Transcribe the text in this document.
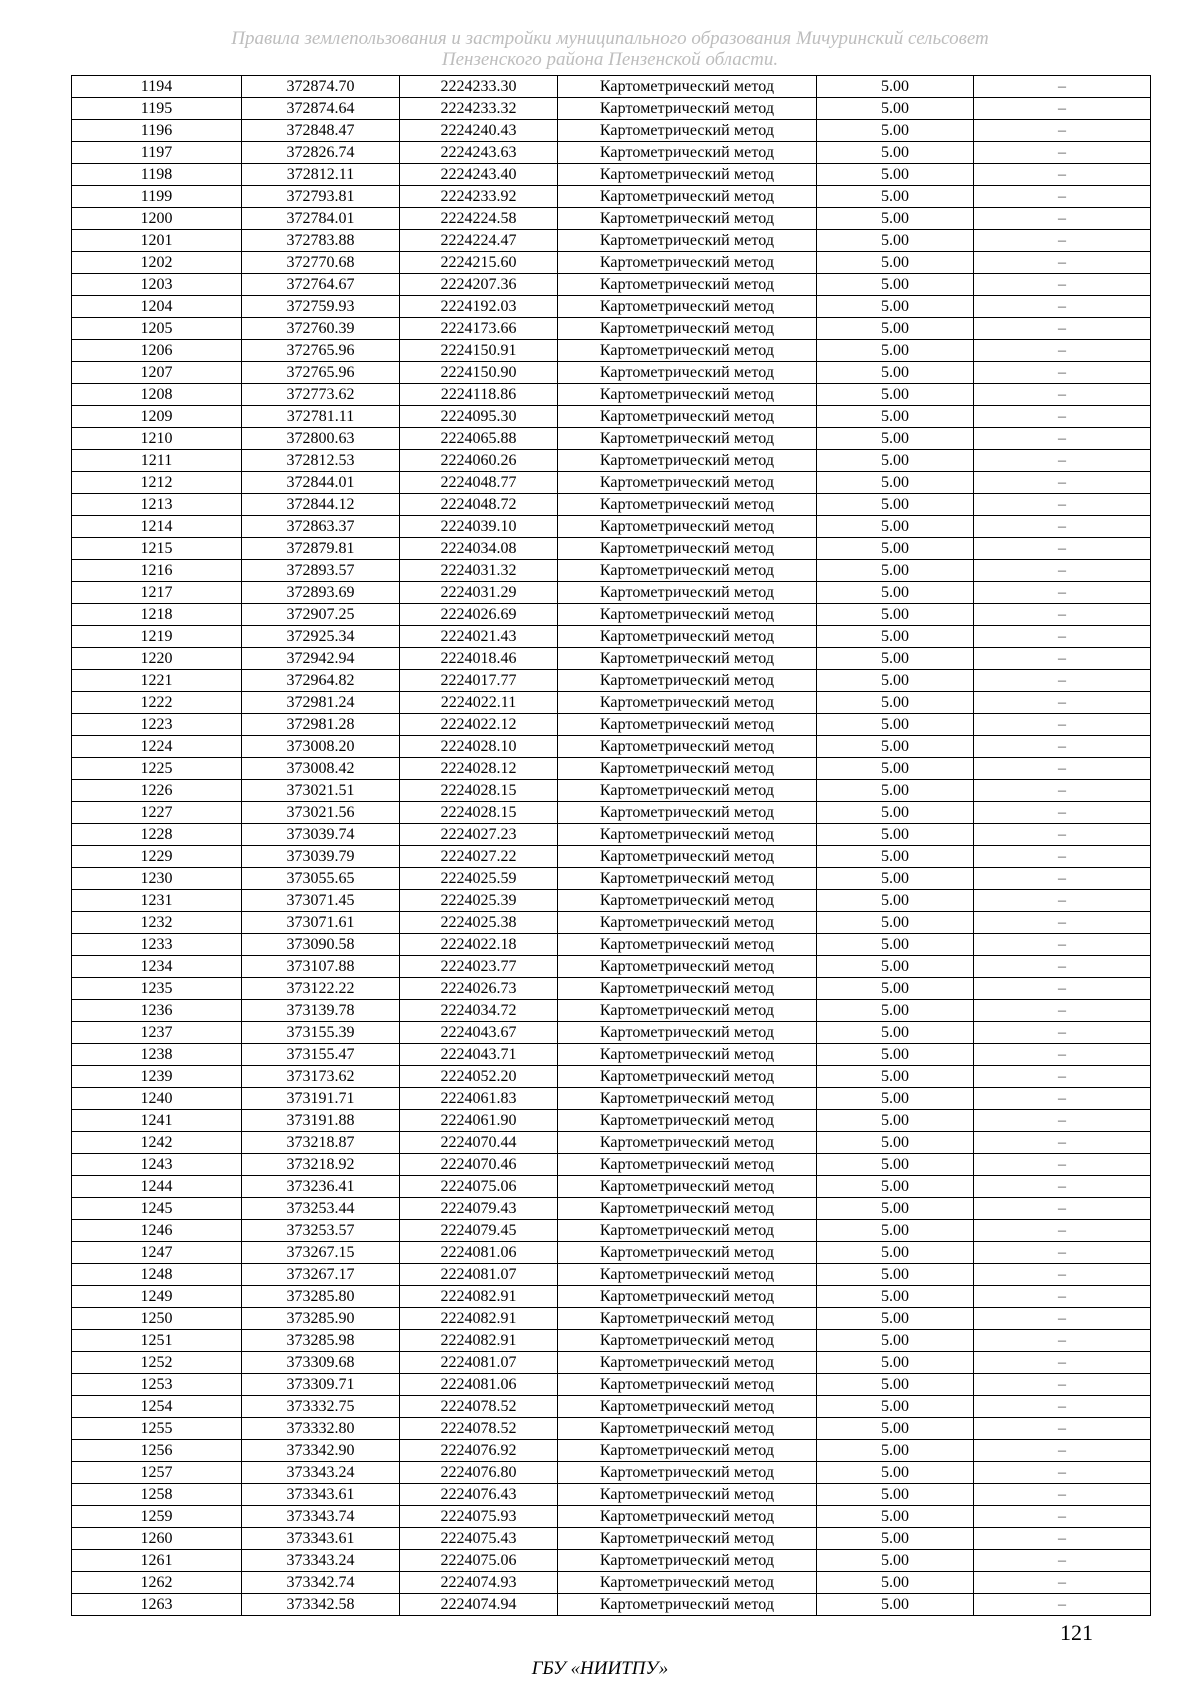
Правила землепользования и застройки муниципального образования Мичуринский сельсовет
Пензенского района Пензенской области.
1194	372874.70	2224233.30	Картометрический метод	5.00	–
1195	372874.64	2224233.32	Картометрический метод	5.00	–
1196	372848.47	2224240.43	Картометрический метод	5.00	–
1197	372826.74	2224243.63	Картометрический метод	5.00	–
1198	372812.11	2224243.40	Картометрический метод	5.00	–
1199	372793.81	2224233.92	Картометрический метод	5.00	–
1200	372784.01	2224224.58	Картометрический метод	5.00	–
1201	372783.88	2224224.47	Картометрический метод	5.00	–
1202	372770.68	2224215.60	Картометрический метод	5.00	–
1203	372764.67	2224207.36	Картометрический метод	5.00	–
1204	372759.93	2224192.03	Картометрический метод	5.00	–
1205	372760.39	2224173.66	Картометрический метод	5.00	–
1206	372765.96	2224150.91	Картометрический метод	5.00	–
1207	372765.96	2224150.90	Картометрический метод	5.00	–
1208	372773.62	2224118.86	Картометрический метод	5.00	–
1209	372781.11	2224095.30	Картометрический метод	5.00	–
1210	372800.63	2224065.88	Картометрический метод	5.00	–
1211	372812.53	2224060.26	Картометрический метод	5.00	–
1212	372844.01	2224048.77	Картометрический метод	5.00	–
1213	372844.12	2224048.72	Картометрический метод	5.00	–
1214	372863.37	2224039.10	Картометрический метод	5.00	–
1215	372879.81	2224034.08	Картометрический метод	5.00	–
1216	372893.57	2224031.32	Картометрический метод	5.00	–
1217	372893.69	2224031.29	Картометрический метод	5.00	–
1218	372907.25	2224026.69	Картометрический метод	5.00	–
1219	372925.34	2224021.43	Картометрический метод	5.00	–
1220	372942.94	2224018.46	Картометрический метод	5.00	–
1221	372964.82	2224017.77	Картометрический метод	5.00	–
1222	372981.24	2224022.11	Картометрический метод	5.00	–
1223	372981.28	2224022.12	Картометрический метод	5.00	–
1224	373008.20	2224028.10	Картометрический метод	5.00	–
1225	373008.42	2224028.12	Картометрический метод	5.00	–
1226	373021.51	2224028.15	Картометрический метод	5.00	–
1227	373021.56	2224028.15	Картометрический метод	5.00	–
1228	373039.74	2224027.23	Картометрический метод	5.00	–
1229	373039.79	2224027.22	Картометрический метод	5.00	–
1230	373055.65	2224025.59	Картометрический метод	5.00	–
1231	373071.45	2224025.39	Картометрический метод	5.00	–
1232	373071.61	2224025.38	Картометрический метод	5.00	–
1233	373090.58	2224022.18	Картометрический метод	5.00	–
1234	373107.88	2224023.77	Картометрический метод	5.00	–
1235	373122.22	2224026.73	Картометрический метод	5.00	–
1236	373139.78	2224034.72	Картометрический метод	5.00	–
1237	373155.39	2224043.67	Картометрический метод	5.00	–
1238	373155.47	2224043.71	Картометрический метод	5.00	–
1239	373173.62	2224052.20	Картометрический метод	5.00	–
1240	373191.71	2224061.83	Картометрический метод	5.00	–
1241	373191.88	2224061.90	Картометрический метод	5.00	–
1242	373218.87	2224070.44	Картометрический метод	5.00	–
1243	373218.92	2224070.46	Картометрический метод	5.00	–
1244	373236.41	2224075.06	Картометрический метод	5.00	–
1245	373253.44	2224079.43	Картометрический метод	5.00	–
1246	373253.57	2224079.45	Картометрический метод	5.00	–
1247	373267.15	2224081.06	Картометрический метод	5.00	–
1248	373267.17	2224081.07	Картометрический метод	5.00	–
1249	373285.80	2224082.91	Картометрический метод	5.00	–
1250	373285.90	2224082.91	Картометрический метод	5.00	–
1251	373285.98	2224082.91	Картометрический метод	5.00	–
1252	373309.68	2224081.07	Картометрический метод	5.00	–
1253	373309.71	2224081.06	Картометрический метод	5.00	–
1254	373332.75	2224078.52	Картометрический метод	5.00	–
1255	373332.80	2224078.52	Картометрический метод	5.00	–
1256	373342.90	2224076.92	Картометрический метод	5.00	–
1257	373343.24	2224076.80	Картометрический метод	5.00	–
1258	373343.61	2224076.43	Картометрический метод	5.00	–
1259	373343.74	2224075.93	Картометрический метод	5.00	–
1260	373343.61	2224075.43	Картометрический метод	5.00	–
1261	373343.24	2224075.06	Картометрический метод	5.00	–
1262	373342.74	2224074.93	Картометрический метод	5.00	–
1263	373342.58	2224074.94	Картометрический метод	5.00	–
121
ГБУ «НИИТПУ»
